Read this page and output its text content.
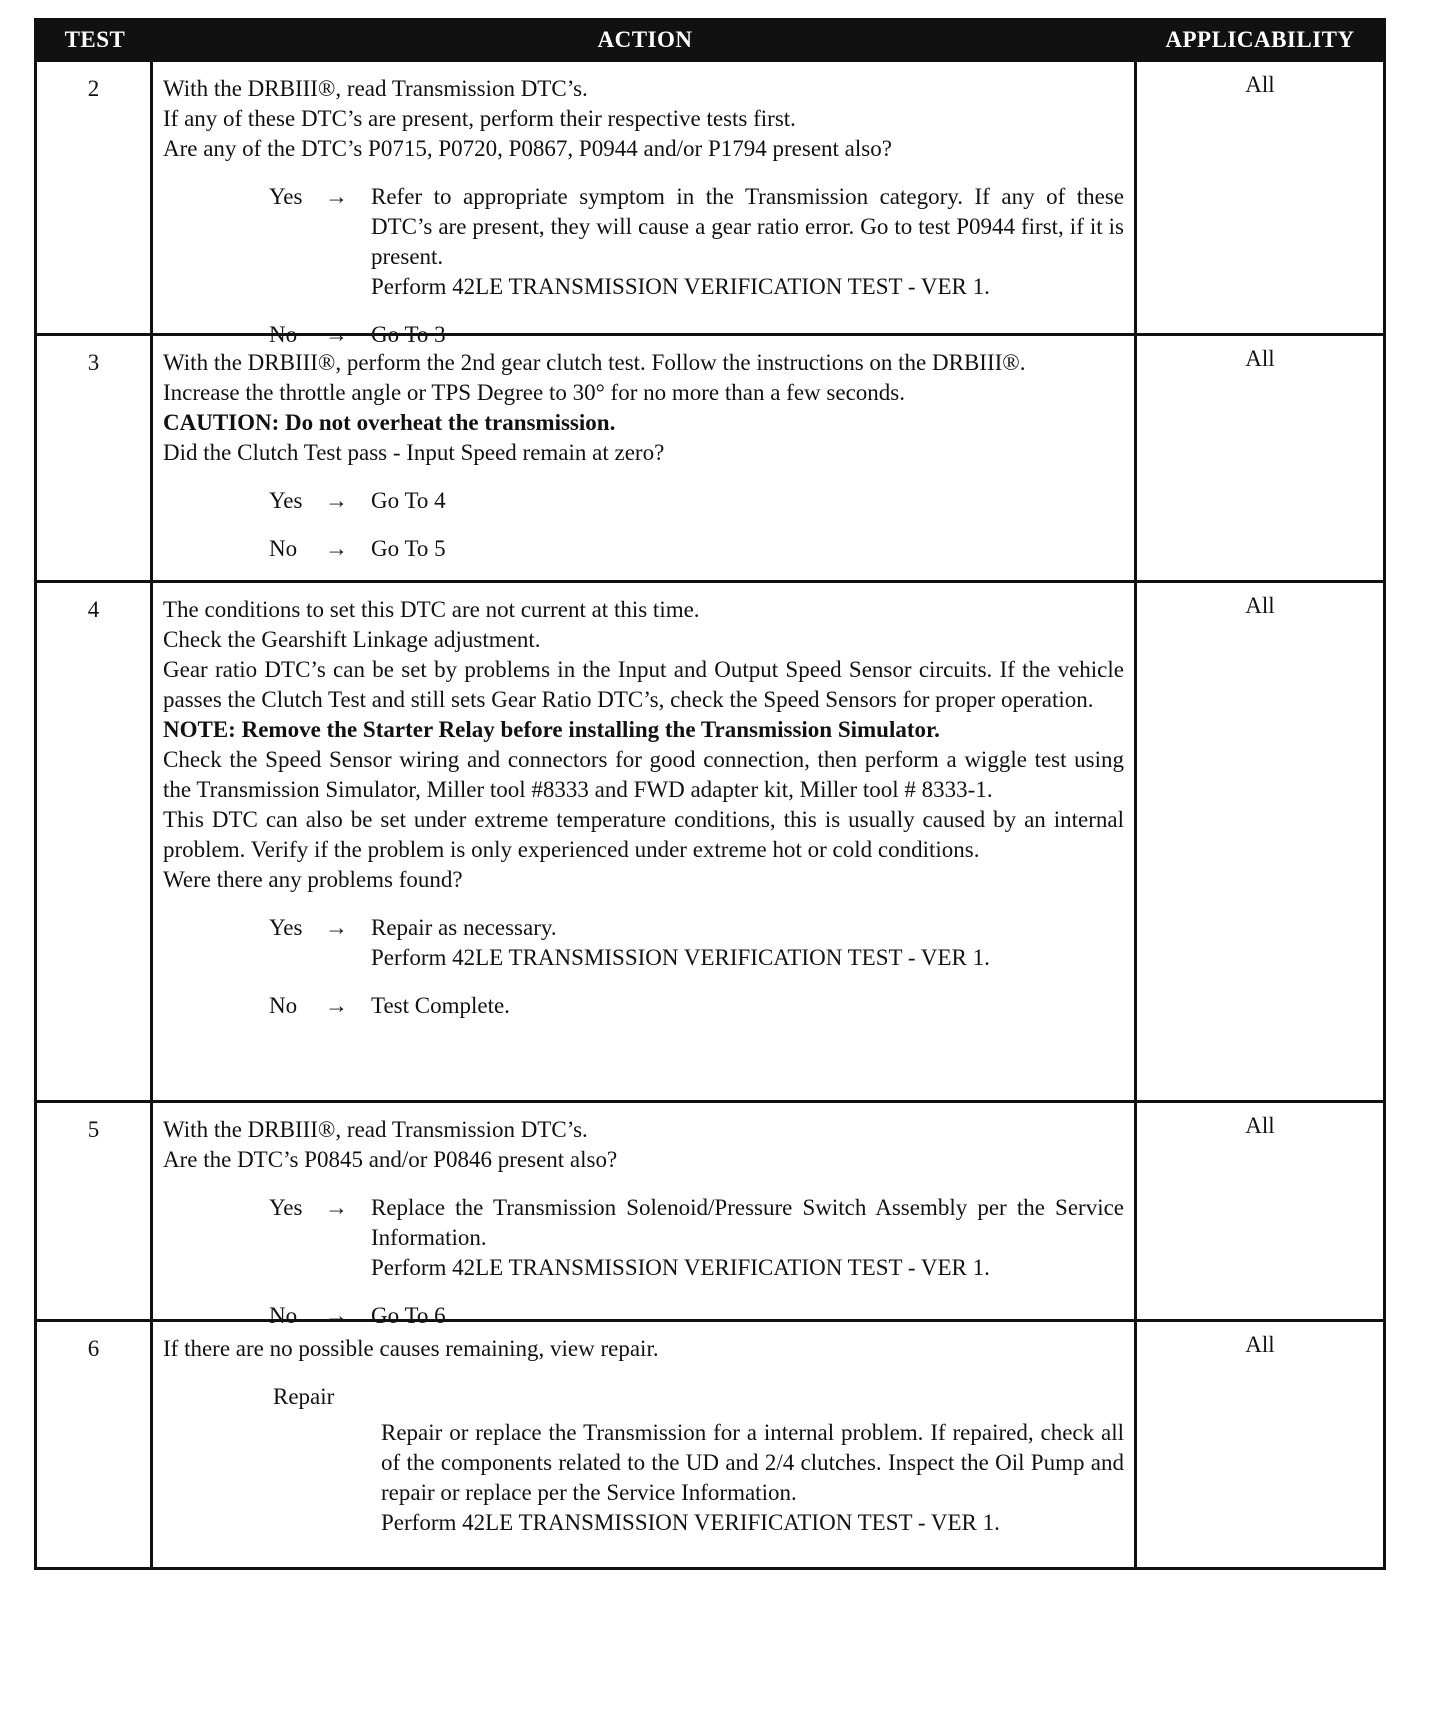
TEST	ACTION	APPLICABILITY
2	With the DRBIII®, read Transmission DTC’s.
If any of these DTC’s are present, perform their respective tests first.
Are any of the DTC’s P0715, P0720, P0867, P0944 and/or P1794 present also?
Yes →	Refer to appropriate symptom in the Transmission category. If any of these DTC’s are present, they will cause a gear ratio error. Go to test P0944 first, if it is present.
Perform 42LE TRANSMISSION VERIFICATION TEST - VER 1.
No	→	Go To 3
All
3	With the DRBIII®, perform the 2nd gear clutch test. Follow the instructions on the DRBIII®.
Increase the throttle angle or TPS Degree to 30° for no more than a few seconds.
CAUTION: Do not overheat the transmission.
Did the Clutch Test pass - Input Speed remain at zero?
Yes →	Go To 4
No	→	Go To 5
All
4	The conditions to set this DTC are not current at this time.
Check the Gearshift Linkage adjustment.
Gear ratio DTC’s can be set by problems in the Input and Output Speed Sensor circuits. If the vehicle passes the Clutch Test and still sets Gear Ratio DTC’s, check the Speed Sensors for proper operation.
NOTE: Remove the Starter Relay before installing the Transmission Simulator.
Check the Speed Sensor wiring and connectors for good connection, then perform a wiggle test using the Transmission Simulator, Miller tool #8333 and FWD adapter kit, Miller tool # 8333-1.
This DTC can also be set under extreme temperature conditions, this is usually caused by an internal problem. Verify if the problem is only experienced under extreme hot or cold conditions.
Were there any problems found?
Yes →	Repair as necessary.
Perform 42LE TRANSMISSION VERIFICATION TEST - VER 1.
No	→	Test Complete.
All
5	With the DRBIII®, read Transmission DTC’s.
Are the DTC’s P0845 and/or P0846 present also?
Yes →	Replace the Transmission Solenoid/Pressure Switch Assembly per the Service Information.
Perform 42LE TRANSMISSION VERIFICATION TEST - VER 1.
No	→	Go To 6
All
6	If there are no possible causes remaining, view repair.
Repair
Repair or replace the Transmission for a internal problem. If repaired, check all of the components related to the UD and 2/4 clutches. Inspect the Oil Pump and repair or replace per the Service Information.
Perform 42LE TRANSMISSION VERIFICATION TEST - VER 1.
All
